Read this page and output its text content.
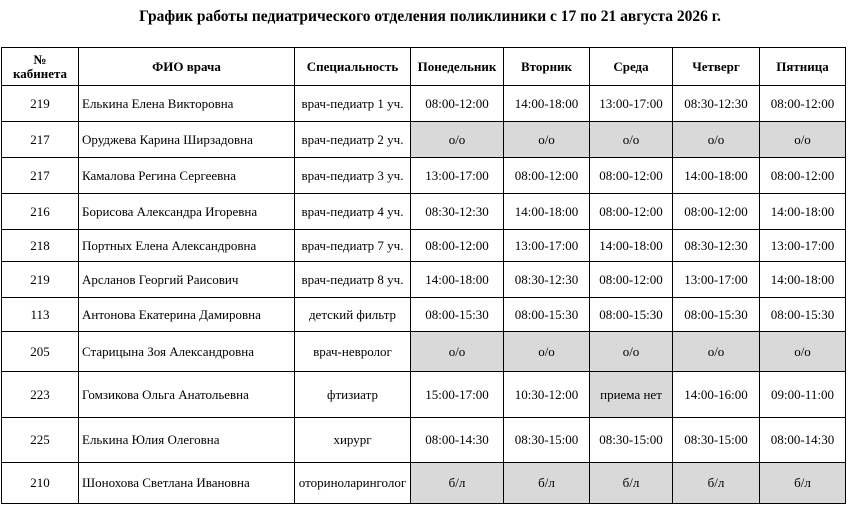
График работы педиатрического отделения поликлиники с 17 по 21 августа 2026 г.
№
кабинета	ФИО врача	Специальность	Понедельник	Вторник	Среда	Четверг	Пятница
219	Елькина Елена Викторовна	врач-педиатр 1 уч.	08:00-12:00	14:00-18:00	13:00-17:00	08:30-12:30	08:00-12:00
217	Оруджева Карина Ширзадовна	врач-педиатр 2 уч.	о/о	о/о	о/о	о/о	о/о
217	Камалова Регина Сергеевна	врач-педиатр 3 уч.	13:00-17:00	08:00-12:00	08:00-12:00	14:00-18:00	08:00-12:00
216	Борисова Александра Игоревна	врач-педиатр 4 уч.	08:30-12:30	14:00-18:00	08:00-12:00	08:00-12:00	14:00-18:00
218	Портных Елена Александровна	врач-педиатр 7 уч.	08:00-12:00	13:00-17:00	14:00-18:00	08:30-12:30	13:00-17:00
219	Арсланов Георгий Раисович	врач-педиатр 8 уч.	14:00-18:00	08:30-12:30	08:00-12:00	13:00-17:00	14:00-18:00
113	Антонова Екатерина Дамировна	детский фильтр	08:00-15:30	08:00-15:30	08:00-15:30	08:00-15:30	08:00-15:30
205	Старицына Зоя Александровна	врач-невролог	о/о	о/о	о/о	о/о	о/о
223	Гомзикова Ольга Анатольевна	фтизиатр	15:00-17:00	10:30-12:00	приема нет	14:00-16:00	09:00-11:00
225	Елькина Юлия Олеговна	хирург	08:00-14:30	08:30-15:00	08:30-15:00	08:30-15:00	08:00-14:30
210	Шонохова Светлана Ивановна	оториноларинголог	б/л	б/л	б/л	б/л	б/л
